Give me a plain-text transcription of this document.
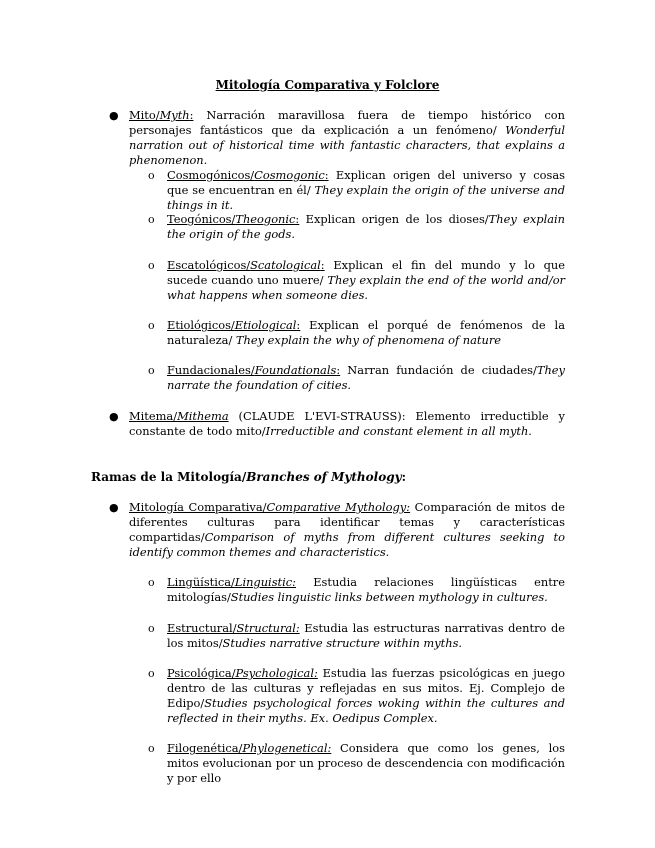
Mitología Comparativa y Folclore
● Mito/Myth: Narración maravillosa fuera de tiempo histórico con personajes fantásticos que da explicación a un fenómeno/ Wonderful narration out of historical time with fantastic characters, that explains a phenomenon.
o Cosmogónicos/Cosmogonic: Explican origen del universo y cosas que se encuentran en él/ They explain the origin of the universe and things in it.
o Teogónicos/Theogonic: Explican origen de los dioses/They explain the origin of the gods.
o Escatológicos/Scatological: Explican el fin del mundo y lo que sucede cuando uno muere/ They explain the end of the world and/or what happens when someone dies.
o Etiológicos/Etiological: Explican el porqué de fenómenos de la naturaleza/ They explain the why of phenomena of nature
o Fundacionales/Foundationals: Narran fundación de ciudades/They narrate the foundation of cities.
● Mitema/Mithema (CLAUDE L'EVI-STRAUSS): Elemento irreductible y constante de todo mito/Irreductible and constant element in all myth.
Ramas de la Mitología/Branches of Mythology:
● Mitología Comparativa/Comparative Mythology: Comparación de mitos de diferentes culturas para identificar temas y características compartidas/Comparison of myths from different cultures seeking to identify common themes and characteristics.
o Lingüística/Linguistic: Estudia relaciones lingüísticas entre mitologías/Studies linguistic links between mythology in cultures.
o Estructural/Structural: Estudia las estructuras narrativas dentro de los mitos/Studies narrative structure within myths.
o Psicológica/Psychological: Estudia las fuerzas psicológicas en juego dentro de las culturas y reflejadas en sus mitos. Ej. Complejo de Edipo/Studies psychological forces woking within the cultures and reflected in their myths. Ex. Oedipus Complex.
o Filogenética/Phylogenetical: Considera que como los genes, los mitos evolucionan por un proceso de descendencia con modificación y por ello
